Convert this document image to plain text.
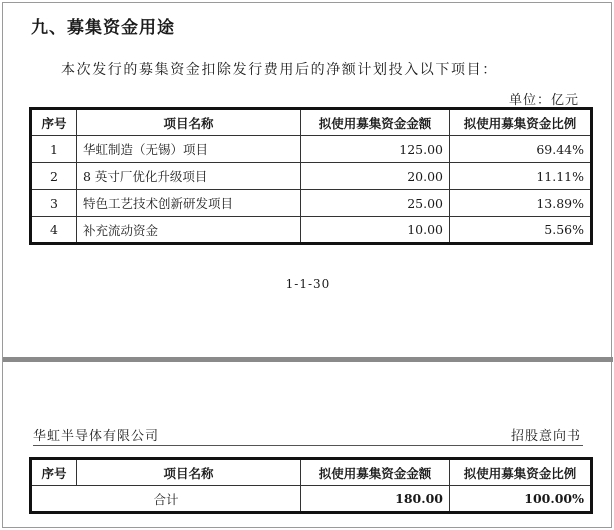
九、募集资金用途
本次发行的募集资金扣除发行费用后的净额计划投入以下项目：
单位：亿元
序号	项目名称	拟使用募集资金金额	拟使用募集资金比例
1	华虹制造（无锡）项目	125.00	69.44%
2	8 英寸厂优化升级项目	20.00	11.11%
3	特色工艺技术创新研发项目	25.00	13.89%
4	补充流动资金	10.00	5.56%
1-1-30
华虹半导体有限公司	招股意向书
序号	项目名称	拟使用募集资金金额	拟使用募集资金比例
合计		180.00	100.00%
